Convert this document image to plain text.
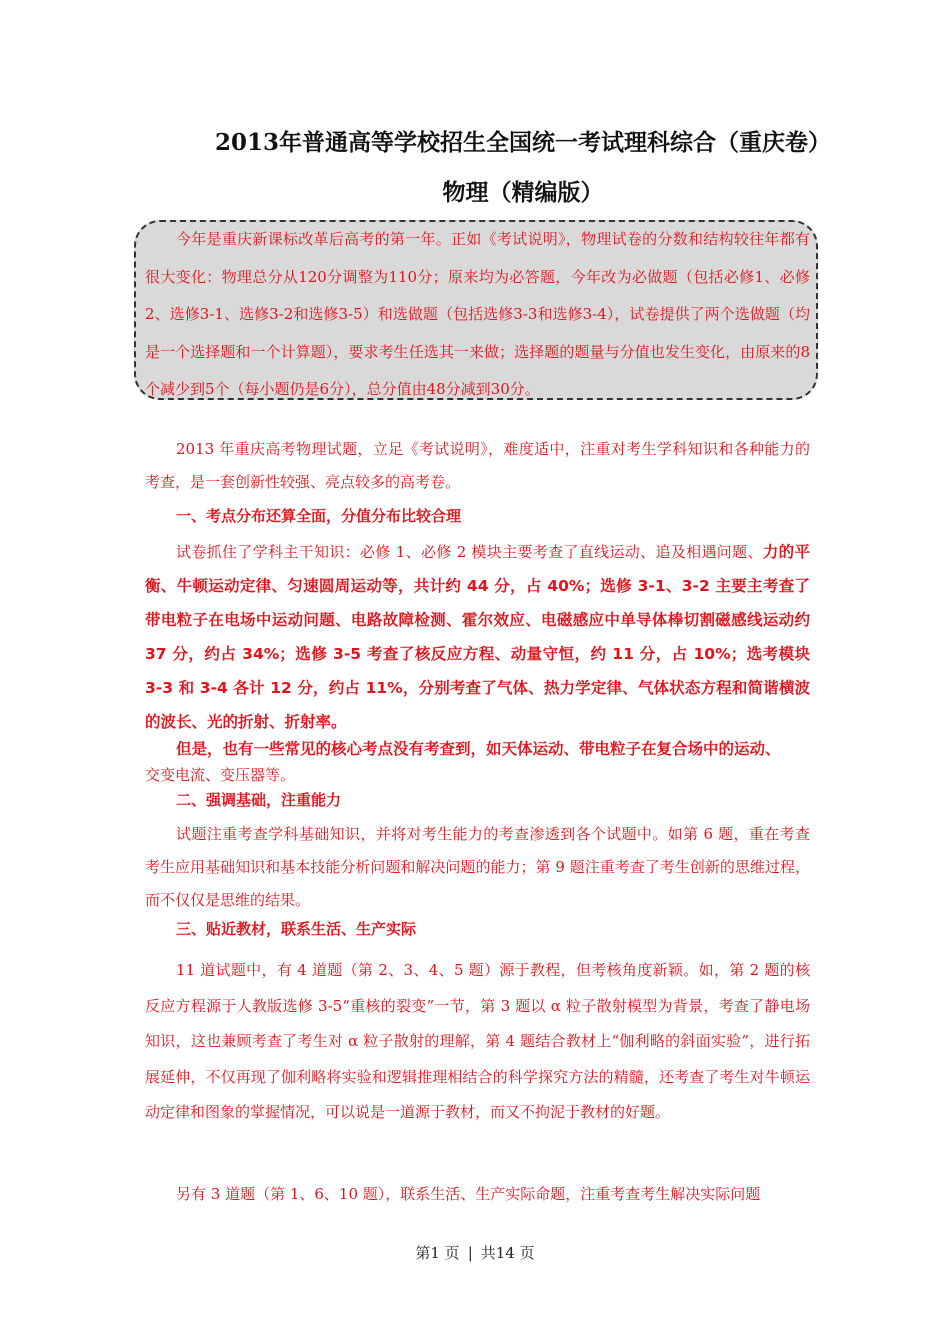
2013年普通高等学校招生全国统一考试理科综合（重庆卷）
物理（精编版）
今年是重庆新课标改革后高考的第一年。正如《考试说明》，物理试卷的分数和结构较往年都有很大变化：物理总分从120分调整为110分；原来均为必答题，今年改为必做题（包括必修1、必修2、选修3-1、选修3-2和选修3-5）和选做题（包括选修3-3和选修3-4），试卷提供了两个选做题（均是一个选择题和一个计算题），要求考生任选其一来做；选择题的题量与分值也发生变化，由原来的8个减少到5个（每小题仍是6分），总分值由48分减到30分。
2013 年重庆高考物理试题，立足《考试说明》，难度适中，注重对考生学科知识和各种能力的考查，是一套创新性较强、亮点较多的高考卷。
一、考点分布还算全面，分值分布比较合理
试卷抓住了学科主干知识：必修 1、必修 2 模块主要考查了直线运动、追及相遇问题、力的平衡、牛顿运动定律、匀速圆周运动等，共计约 44 分，占 40%；选修 3-1、3-2 主要主考查了带电粒子在电场中运动问题、电路故障检测、霍尔效应、电磁感应中单导体棒切割磁感线运动约 37 分，约占 34%；选修 3-5 考查了核反应方程、动量守恒，约 11 分，占 10%；选考模块 3-3 和 3-4 各计 12 分，约占 11%，分别考查了气体、热力学定律、气体状态方程和简谐横波的波长、光的折射、折射率。
但是，也有一些常见的核心考点没有考查到，如天体运动、带电粒子在复合场中的运动、
交变电流、变压器等。
二、强调基础，注重能力
试题注重考查学科基础知识，并将对考生能力的考查渗透到各个试题中。如第 6 题，重在考查考生应用基础知识和基本技能分析问题和解决问题的能力；第 9 题注重考查了考生创新的思维过程，而不仅仅是思维的结果。
三、贴近教材，联系生活、生产实际
11 道试题中，有 4 道题（第 2、3、4、5 题）源于教程，但考核角度新颖。如，第 2 题的核反应方程源于人教版选修 3-5“重核的裂变”一节，第 3 题以 α 粒子散射模型为背景，考查了静电场知识，这也兼顾考查了考生对 α 粒子散射的理解，第 4 题结合教材上“伽利略的斜面实验”，进行拓展延伸，不仅再现了伽利略将实验和逻辑推理相结合的科学探究方法的精髓，还考查了考生对牛顿运动定律和图象的掌握情况，可以说是一道源于教材，而又不拘泥于教材的好题。
另有 3 道题（第 1、6、10 题），联系生活、生产实际命题，注重考查考生解决实际问题
第1 页 | 共14 页
